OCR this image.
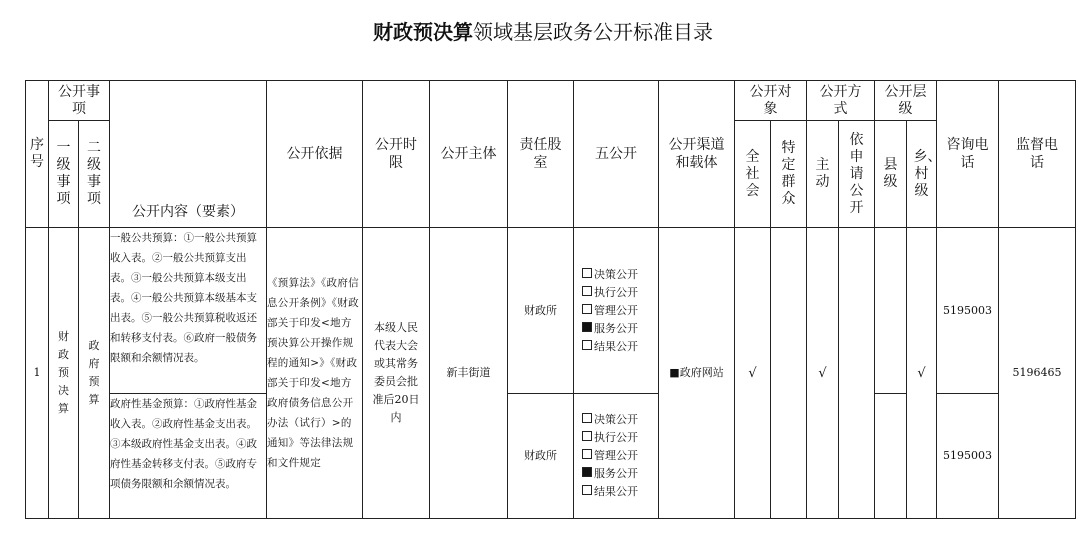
财政预决算领域基层政务公开标准目录
序号	公开事项		公开内容（要素）	公开依据	公开时限	公开主体	责任股室	五公开	公开渠道和载体	公开对象		公开方式		公开层级		咨询电话	监督电话

	一级事项	二级事项								全社会	特定群众	主动	依申请公开	县级	乡、村级		

1	财政预决算	政府预算	一般公共预算：①一般公共预算收入表。②一般公共预算支出表。③一般公共预算本级支出表。④一般公共预算本级基本支出表。⑤一般公共预算税收返还和转移支付表。⑥政府一般债务限额和余额情况表。	《预算法》《政府信息公开条例》《财政部关于印发<地方预决算公开操作规程的通知>》《财政部关于印发<地方政府债务信息公开办法（试行）>的通知》等法律法规和文件规定	本级人民代表大会或其常务委员会批准后20日内	新丰街道	财政所	决策公开
执行公开
管理公开
服务公开
结果公开	■政府网站	√		√			√	5195003	5196465
			政府性基金预算：①政府性基金收入表。②政府性基金支出表。③本级政府性基金支出表。④政府性基金转移支付表。⑤政府专项债务限额和余额情况表。				财政所	决策公开
执行公开
管理公开
服务公开
结果公开								5195003	
